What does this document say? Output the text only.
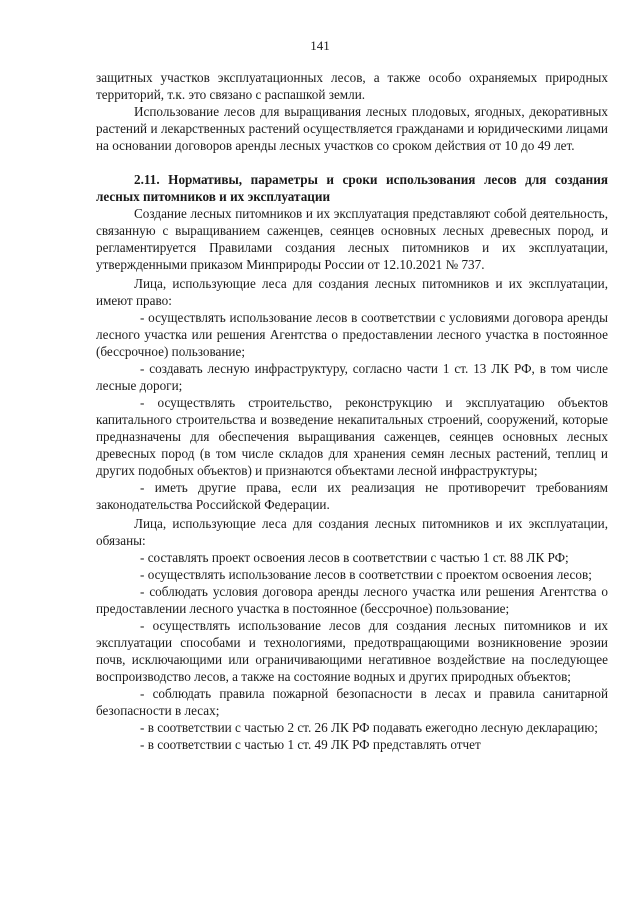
141

защитных участков эксплуатационных лесов, а также особо охраняемых природных территорий, т.к. это связано с распашкой земли.

Использование лесов для выращивания лесных плодовых, ягодных, декоративных растений и лекарственных растений осуществляется гражданами и юридическими лицами на основании договоров аренды лесных участков со сроком действия от 10 до 49 лет.

2.11. Нормативы, параметры и сроки использования лесов для создания лесных питомников и их эксплуатации

Создание лесных питомников и их эксплуатация представляют собой деятельность, связанную с выращиванием саженцев, сеянцев основных лесных древесных пород, и регламентируется Правилами создания лесных питомников и их эксплуатации, утвержденными приказом Минприроды России от 12.10.2021 № 737.

Лица, использующие леса для создания лесных питомников и их эксплуатации, имеют право:

- осуществлять использование лесов в соответствии с условиями договора аренды лесного участка или решения Агентства о предоставлении лесного участка в постоянное (бессрочное) пользование;

- создавать лесную инфраструктуру, согласно части 1 ст. 13 ЛК РФ, в том числе лесные дороги;

- осуществлять строительство, реконструкцию и эксплуатацию объектов капитального строительства и возведение некапитальных строений, сооружений, которые предназначены для обеспечения выращивания саженцев, сеянцев основных лесных древесных пород (в том числе складов для хранения семян лесных растений, теплиц и других подобных объектов) и признаются объектами лесной инфраструктуры;

- иметь другие права, если их реализация не противоречит требованиям законодательства Российской Федерации.

Лица, использующие леса для создания лесных питомников и их эксплуатации, обязаны:

- составлять проект освоения лесов в соответствии с частью 1 ст. 88 ЛК РФ;

- осуществлять использование лесов в соответствии с проектом освоения лесов;

- соблюдать условия договора аренды лесного участка или решения Агентства о предоставлении лесного участка в постоянное (бессрочное) пользование;

- осуществлять использование лесов для создания лесных питомников и их эксплуатации способами и технологиями, предотвращающими возникновение эрозии почв, исключающими или ограничивающими негативное воздействие на последующее воспроизводство лесов, а также на состояние водных и других природных объектов;

- соблюдать правила пожарной безопасности в лесах и правила санитарной безопасности в лесах;

- в соответствии с частью 2 ст. 26 ЛК РФ подавать ежегодно лесную декларацию;

- в соответствии с частью 1 ст. 49 ЛК РФ представлять отчет
